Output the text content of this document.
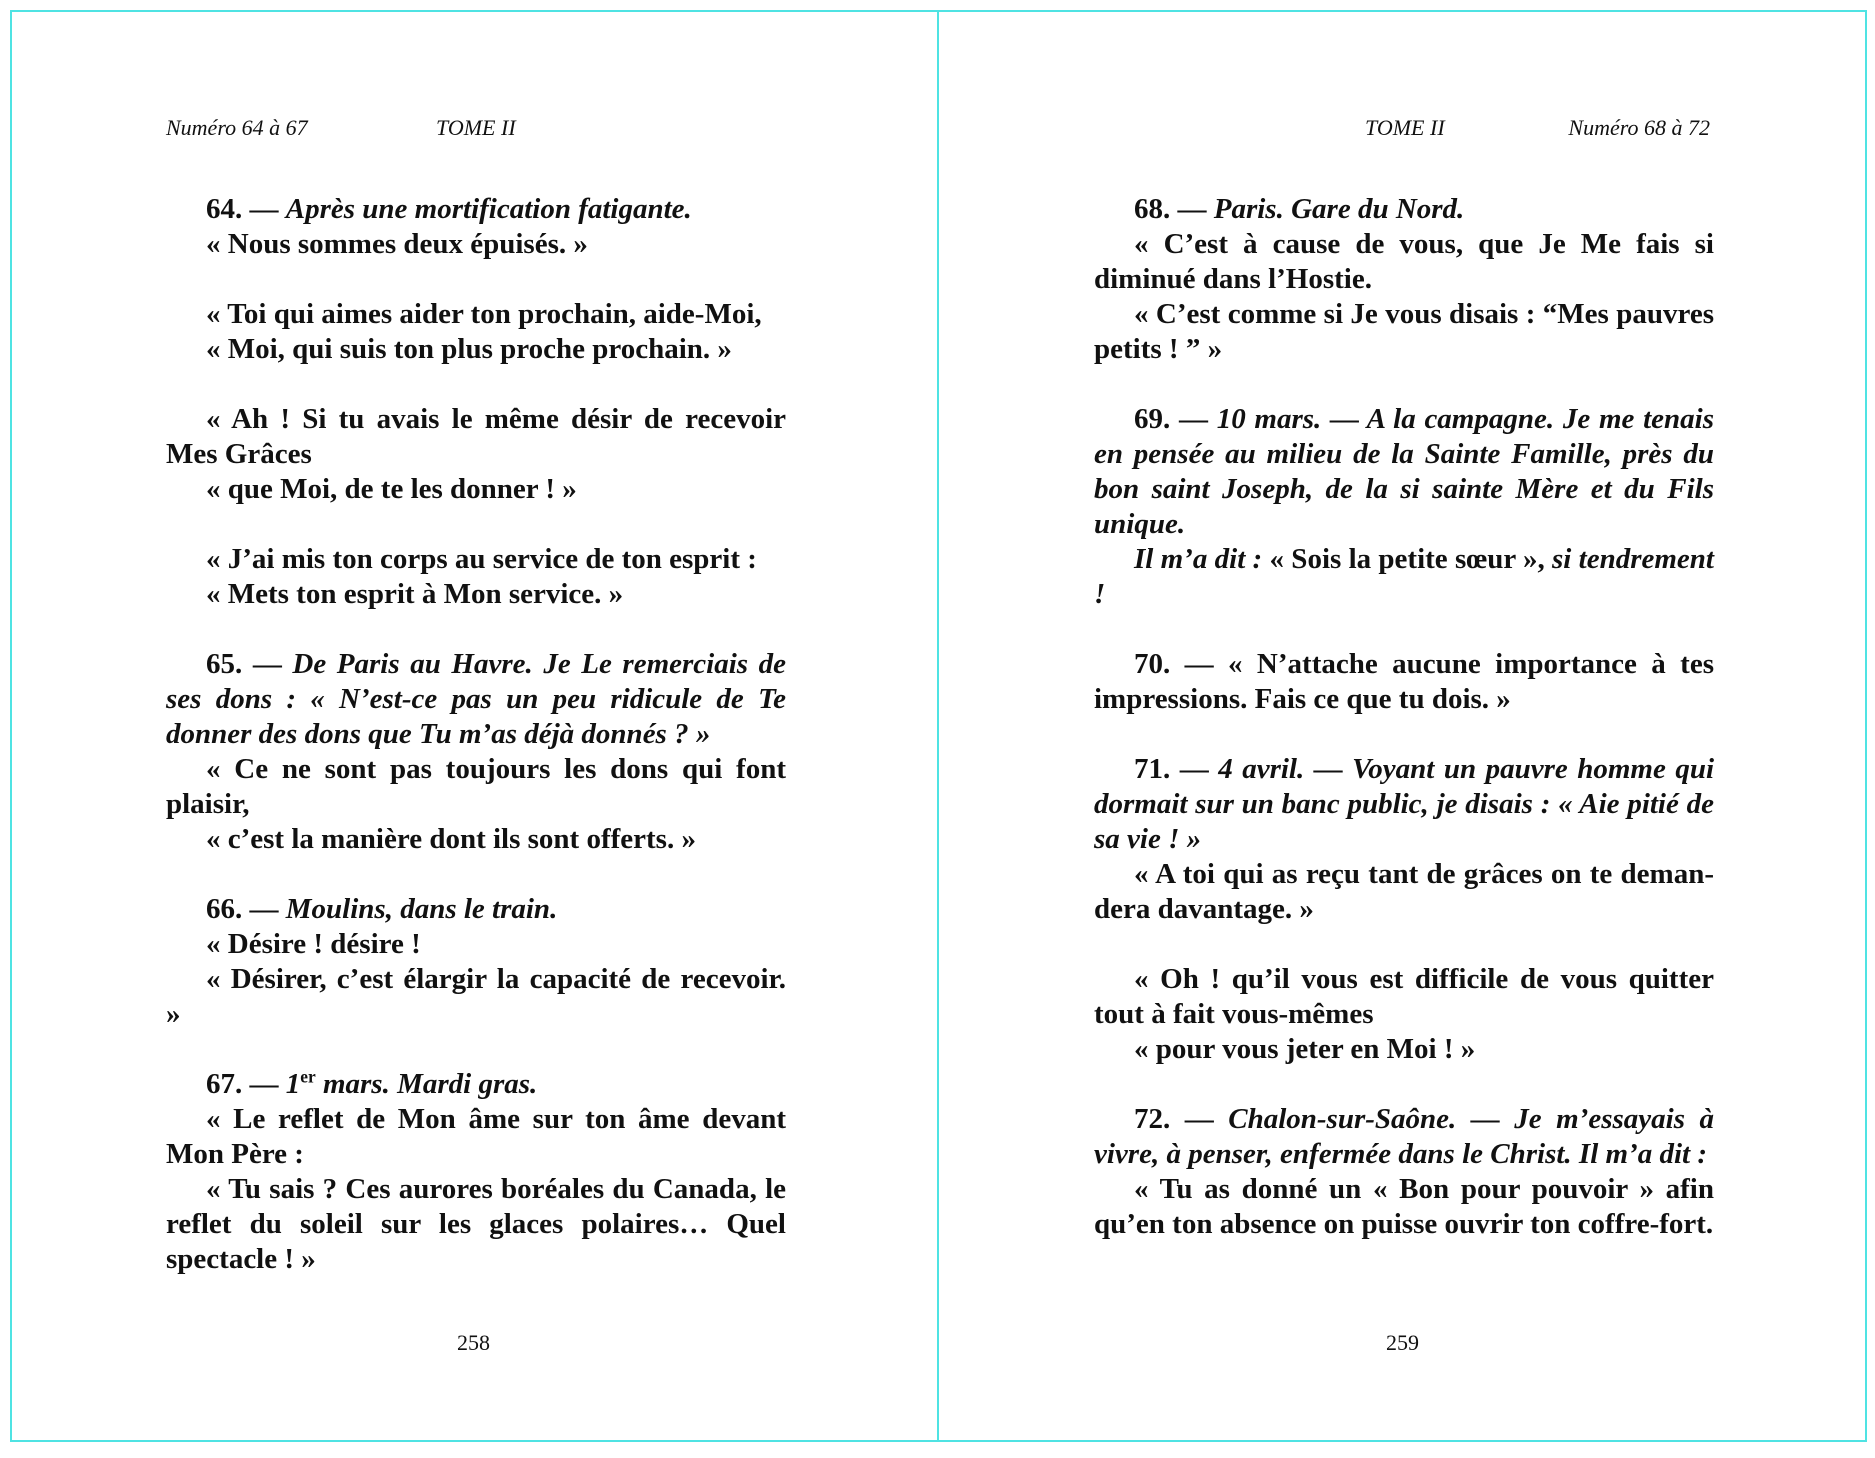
Numéro 64 à 67	TOME II

64. — Après une mortification fatigante.

« Nous sommes deux épuisés. »

« Toi qui aimes aider ton prochain, aide-Moi,

« Moi, qui suis ton plus proche prochain. »

« Ah ! Si tu avais le même désir de recevoir Mes Grâces

« que Moi, de te les donner ! »

« J’ai mis ton corps au service de ton esprit :

« Mets ton esprit à Mon service. »

65. — De Paris au Havre. Je Le remerciais de ses dons : « N’est-ce pas un peu ridicule de Te donner des dons que Tu m’as déjà donnés ? »

« Ce ne sont pas toujours les dons qui font plaisir,

« c’est la manière dont ils sont offerts. »

66. — Moulins, dans le train.

« Désire ! désire !

« Désirer, c’est élargir la capacité de recevoir. »

67. — 1er mars. Mardi gras.

« Le reflet de Mon âme sur ton âme devant Mon Père :

« Tu sais ? Ces aurores boréales du Canada, le reflet du soleil sur les glaces polaires… Quel spectacle ! »

258
TOME II	Numéro 68 à 72

68. — Paris. Gare du Nord.

« C’est à cause de vous, que Je Me fais si diminué dans l’Hostie.

« C’est comme si Je vous disais : “Mes pauvres petits ! ” »

69. — 10 mars. — A la campagne. Je me tenais en pensée au milieu de la Sainte Famille, près du bon saint Joseph, de la si sainte Mère et du Fils unique.

Il m’a dit : « Sois la petite sœur », si tendrement !

70. — « N’attache aucune importance à tes impressions. Fais ce que tu dois. »

71. — 4 avril. — Voyant un pauvre homme qui dormait sur un banc public, je disais : « Aie pitié de sa vie ! »

« A toi qui as reçu tant de grâces on te demandera davantage. »

« Oh ! qu’il vous est difficile de vous quitter tout à fait vous-mêmes

« pour vous jeter en Moi ! »

72. — Chalon-sur-Saône. — Je m’essayais à vivre, à penser, enfermée dans le Christ. Il m’a dit :

« Tu as donné un « Bon pour pouvoir » afin qu’en ton absence on puisse ouvrir ton coffre-fort.

259
